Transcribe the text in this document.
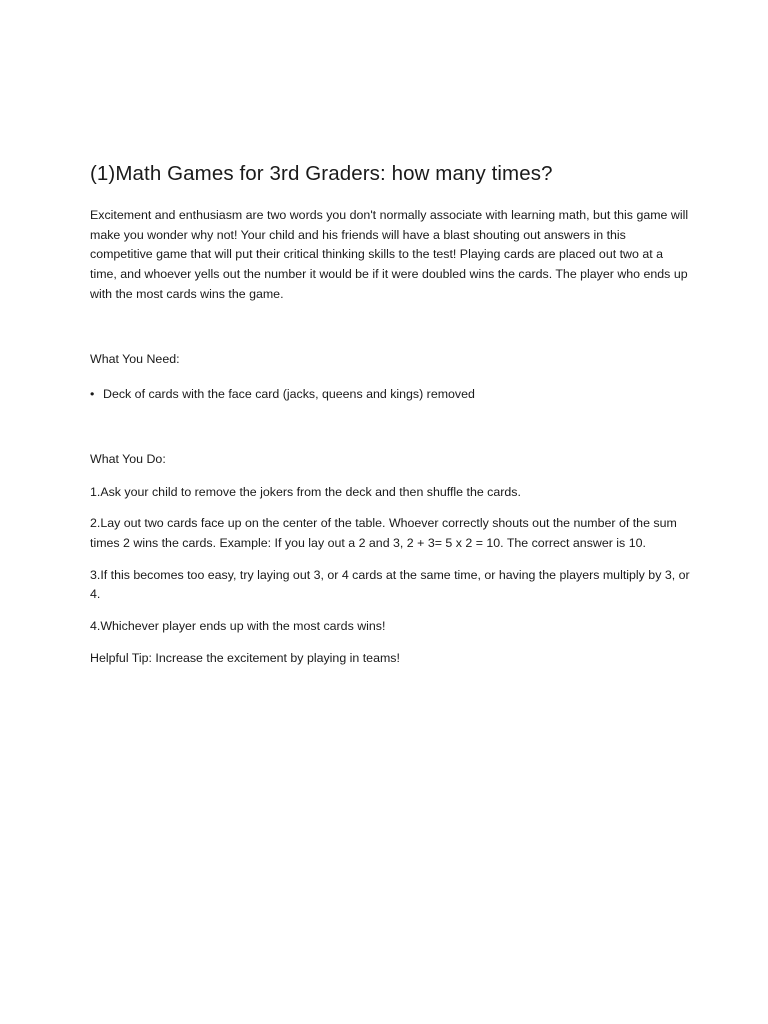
(1)Math Games for 3rd Graders: how many times?

Excitement and enthusiasm are two words you don't normally associate with learning math, but this game will make you wonder why not! Your child and his friends will have a blast shouting out answers in this competitive game that will put their critical thinking skills to the test! Playing cards are placed out two at a time, and whoever yells out the number it would be if it were doubled wins the cards. The player who ends up with the most cards wins the game.

What You Need:

• Deck of cards with the face card (jacks, queens and kings) removed

What You Do:

1.Ask your child to remove the jokers from the deck and then shuffle the cards.

2.Lay out two cards face up on the center of the table. Whoever correctly shouts out the number of the sum times 2 wins the cards. Example: If you lay out a 2 and 3, 2 + 3= 5 x 2 = 10. The correct answer is 10.

3.If this becomes too easy, try laying out 3, or 4 cards at the same time, or having the players multiply by 3, or 4.

4.Whichever player ends up with the most cards wins!

Helpful Tip: Increase the excitement by playing in teams!
